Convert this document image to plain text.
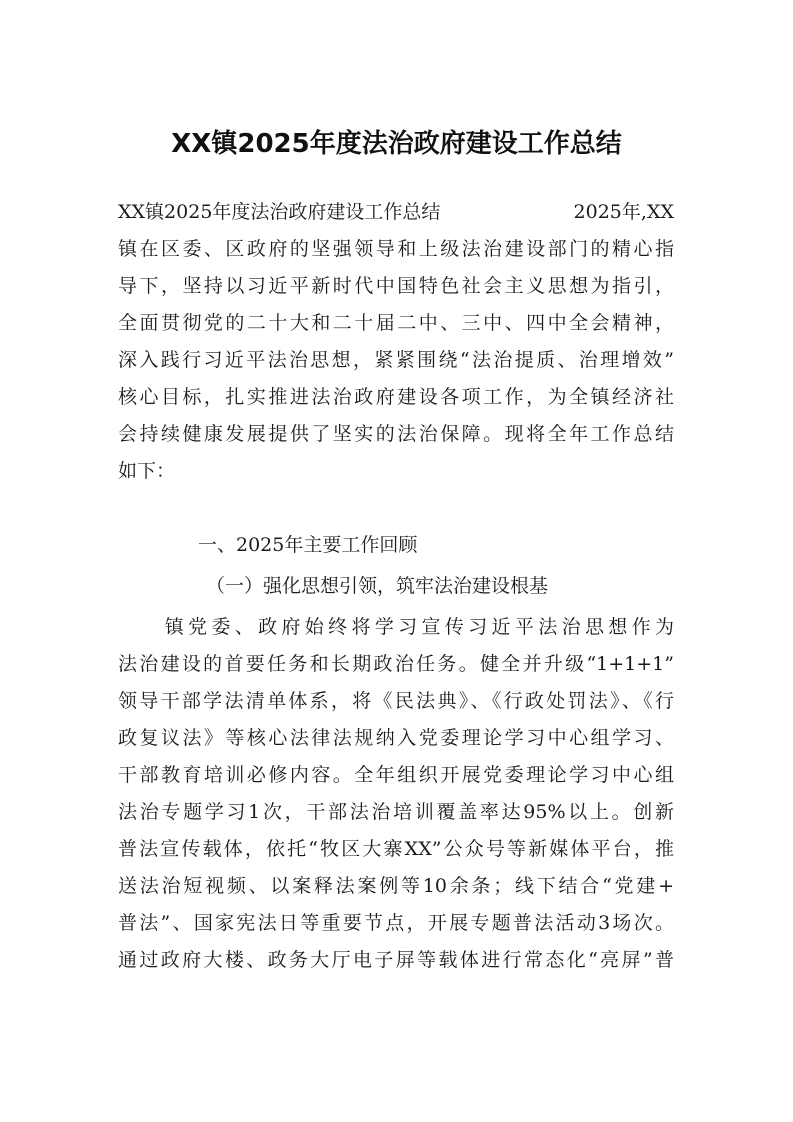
XX镇2025年度法治政府建设工作总结
XX镇2025年度法治政府建设工作总结	2025年,XX
镇在区委、区政府的坚强领导和上级法治建设部门的精心指
导下，坚持以习近平新时代中国特色社会主义思想为指引，
全面贯彻党的二十大和二十届二中、三中、四中全会精神，
深入践行习近平法治思想，紧紧围绕“法治提质、治理增效”
核心目标，扎实推进法治政府建设各项工作，为全镇经济社
会持续健康发展提供了坚实的法治保障。现将全年工作总结
如下：
一、2025年主要工作回顾
（一）强化思想引领，筑牢法治建设根基
　　镇党委、政府始终将学习宣传习近平法治思想作为
法治建设的首要任务和长期政治任务。健全并升级“1+1+1”
领导干部学法清单体系，将《民法典》、《行政处罚法》、《行
政复议法》等核心法律法规纳入党委理论学习中心组学习、
干部教育培训必修内容。全年组织开展党委理论学习中心组
法治专题学习1次，干部法治培训覆盖率达95%以上。创新
普法宣传载体，依托“牧区大寨XX”公众号等新媒体平台，推
送法治短视频、以案释法案例等10余条；线下结合“党建+
普法”、国家宪法日等重要节点，开展专题普法活动3场次。
通过政府大楼、政务大厅电子屏等载体进行常态化“亮屏”普
